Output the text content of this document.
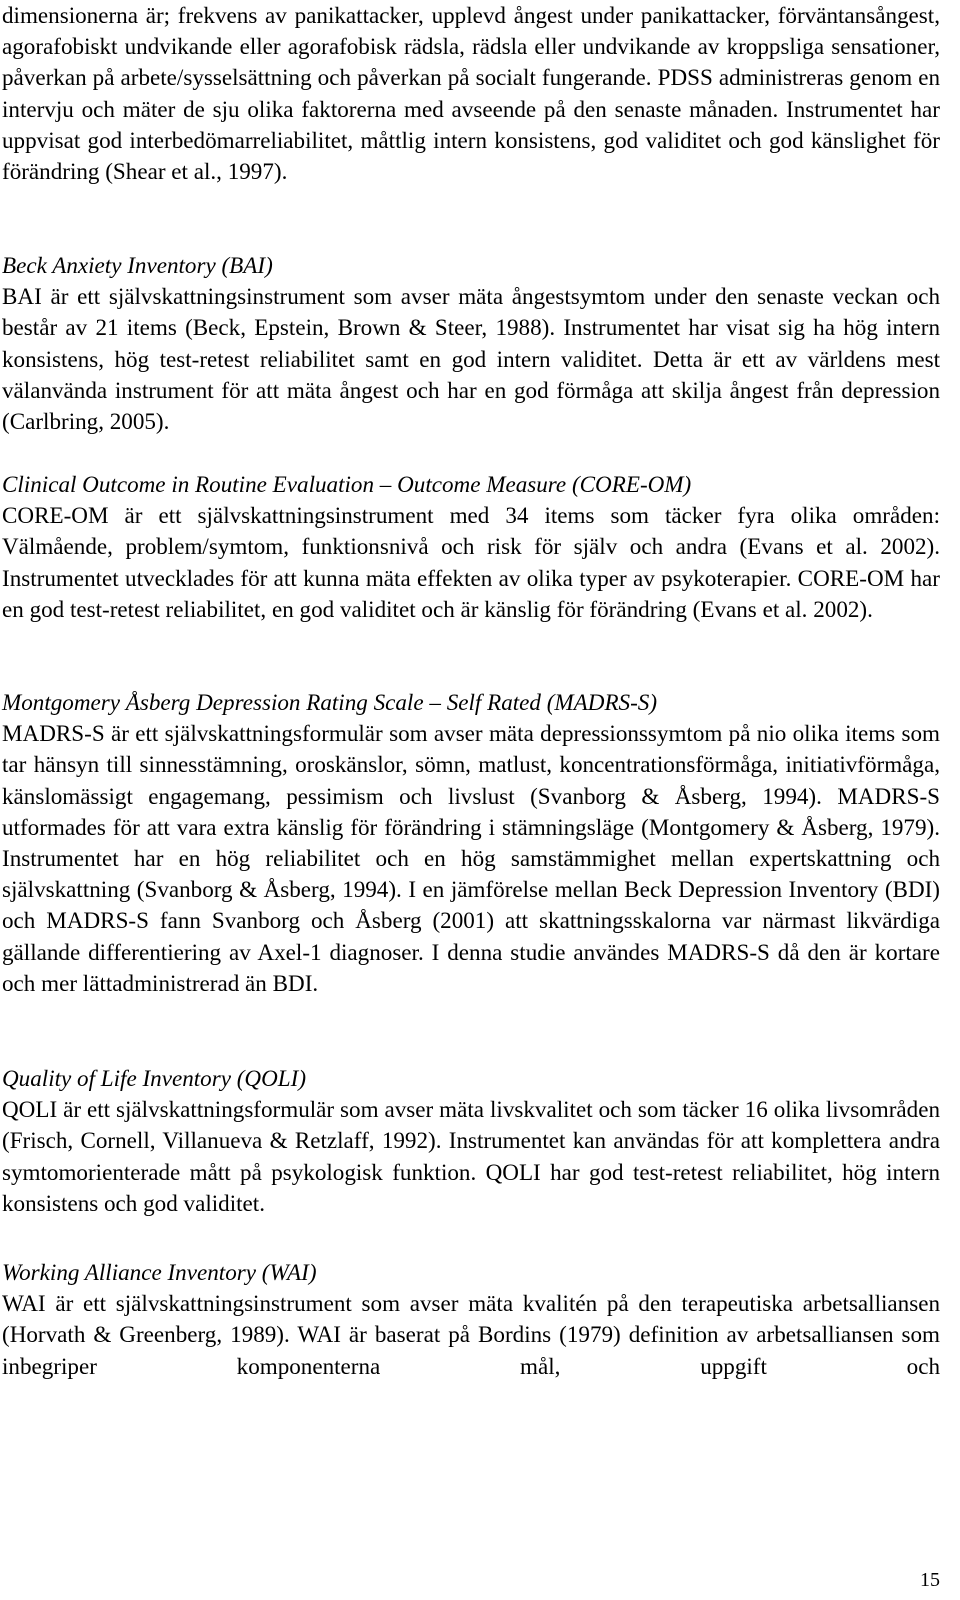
dimensionerna är; frekvens av panikattacker, upplevd ångest under panikattacker, förväntansångest, agorafobiskt undvikande eller agorafobisk rädsla, rädsla eller undvikande av kroppsliga sensationer, påverkan på arbete/sysselsättning och påverkan på socialt fungerande. PDSS administreras genom en intervju och mäter de sju olika faktorerna med avseende på den senaste månaden. Instrumentet har uppvisat god interbedömarreliabilitet, måttlig intern konsistens, god validitet och god känslighet för förändring (Shear et al., 1997).

Beck Anxiety Inventory (BAI)

BAI är ett självskattningsinstrument som avser mäta ångestsymtom under den senaste veckan och består av 21 items (Beck, Epstein, Brown & Steer, 1988). Instrumentet har visat sig ha hög intern konsistens, hög test-retest reliabilitet samt en god intern validitet. Detta är ett av världens mest välanvända instrument för att mäta ångest och har en god förmåga att skilja ångest från depression (Carlbring, 2005).

Clinical Outcome in Routine Evaluation – Outcome Measure (CORE-OM)

CORE-OM är ett självskattningsinstrument med 34 items som täcker fyra olika områden: Välmående, problem/symtom, funktionsnivå och risk för själv och andra (Evans et al. 2002). Instrumentet utvecklades för att kunna mäta effekten av olika typer av psykoterapier. CORE-OM har en god test-retest reliabilitet, en god validitet och är känslig för förändring (Evans et al. 2002).

Montgomery Åsberg Depression Rating Scale – Self Rated (MADRS-S)

MADRS-S är ett självskattningsformulär som avser mäta depressionssymtom på nio olika items som tar hänsyn till sinnesstämning, oroskänslor, sömn, matlust, koncentrationsförmåga, initiativförmåga, känslomässigt engagemang, pessimism och livslust (Svanborg & Åsberg, 1994). MADRS-S utformades för att vara extra känslig för förändring i stämningsläge (Montgomery & Åsberg, 1979). Instrumentet har en hög reliabilitet och en hög samstämmighet mellan expertskattning och självskattning (Svanborg & Åsberg, 1994). I en jämförelse mellan Beck Depression Inventory (BDI) och MADRS-S fann Svanborg och Åsberg (2001) att skattningsskalorna var närmast likvärdiga gällande differentiering av Axel-1 diagnoser. I denna studie användes MADRS-S då den är kortare och mer lättadministrerad än BDI.

Quality of Life Inventory (QOLI)

QOLI är ett självskattningsformulär som avser mäta livskvalitet och som täcker 16 olika livsområden (Frisch, Cornell, Villanueva & Retzlaff, 1992). Instrumentet kan användas för att komplettera andra symtomorienterade mått på psykologisk funktion. QOLI har god test-retest reliabilitet, hög intern konsistens och god validitet.

Working Alliance Inventory (WAI)

WAI är ett självskattningsinstrument som avser mäta kvalitén på den terapeutiska arbetsalliansen (Horvath & Greenberg, 1989). WAI är baserat på Bordins (1979) definition av arbetsalliansen som inbegriper komponenterna mål, uppgift och

15
